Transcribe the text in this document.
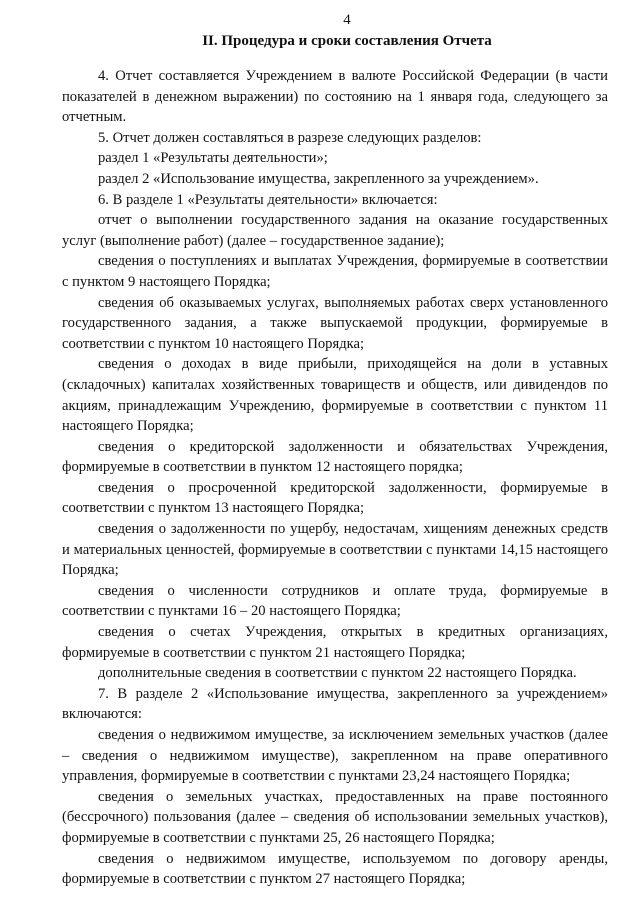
4
II. Процедура и сроки составления Отчета

4. Отчет составляется Учреждением в валюте Российской Федерации (в части показателей в денежном выражении) по состоянию на 1 января года, следующего за отчетным.

5. Отчет должен составляться в разрезе следующих разделов:

раздел 1 «Результаты деятельности»;

раздел 2 «Использование имущества, закрепленного за учреждением».

6. В разделе 1 «Результаты деятельности» включается:

отчет о выполнении государственного задания на оказание государственных услуг (выполнение работ) (далее – государственное задание);

сведения о поступлениях и выплатах Учреждения, формируемые в соответствии с пунктом 9 настоящего Порядка;

сведения об оказываемых услугах, выполняемых работах сверх установленного государственного задания, а также выпускаемой продукции, формируемые в соответствии с пунктом 10 настоящего Порядка;

сведения о доходах в виде прибыли, приходящейся на доли в уставных (складочных) капиталах хозяйственных товариществ и обществ, или дивидендов по акциям, принадлежащим Учреждению, формируемые в соответствии с пунктом 11 настоящего Порядка;

сведения о кредиторской задолженности и обязательствах Учреждения, формируемые в соответствии в пунктом 12 настоящего порядка;

сведения о просроченной кредиторской задолженности, формируемые в соответствии с пунктом 13 настоящего Порядка;

сведения о задолженности по ущербу, недостачам, хищениям денежных средств и материальных ценностей, формируемые в соответствии с пунктами 14,15 настоящего Порядка;

сведения о численности сотрудников и оплате труда, формируемые в соответствии с пунктами 16 – 20 настоящего Порядка;

сведения о счетах Учреждения, открытых в кредитных организациях, формируемые в соответствии с пунктом 21 настоящего Порядка;

дополнительные сведения в соответствии с пунктом 22 настоящего Порядка.

7. В разделе 2 «Использование имущества, закрепленного за учреждением» включаются:

сведения о недвижимом имуществе, за исключением земельных участков (далее – сведения о недвижимом имуществе), закрепленном на праве оперативного управления, формируемые в соответствии с пунктами 23,24 настоящего Порядка;

сведения о земельных участках, предоставленных на праве постоянного (бессрочного) пользования (далее – сведения об использовании земельных участков), формируемые в соответствии с пунктами 25, 26 настоящего Порядка;

сведения о недвижимом имуществе, используемом по договору аренды, формируемые в соответствии с пунктом 27 настоящего Порядка;
